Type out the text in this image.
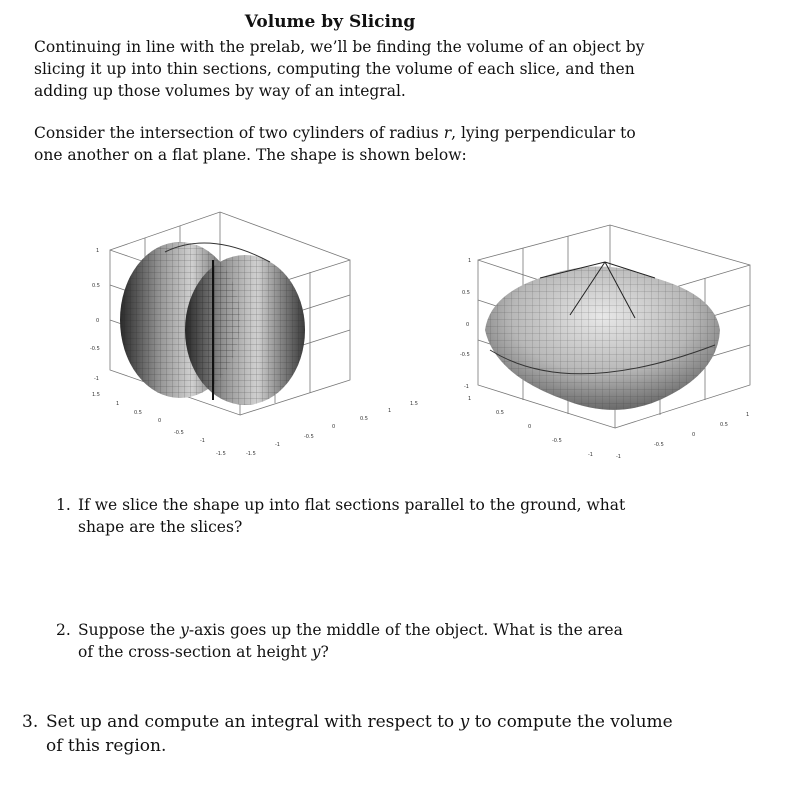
Volume by Slicing
Continuing in line with the prelab, we’ll be finding the volume of an object by slicing it up into thin sections, computing the volume of each slice, and then adding up those volumes by way of an integral.
Consider the intersection of two cylinders of radius r, lying perpendicular to one another on a flat plane. The shape is shown below:
1
0.5
0
-0.5
-1
1.5
1
0.5
0
-0.5
-1
-1.5	-1.5
-1
-0.5
0
0.5
1
1.5
1
0.5
0
-0.5
-1
1
0.5
0
-0.5
-1	-1
-0.5
0
0.5
1
1. If we slice the shape up into flat sections parallel to the ground, what shape are the slices?
2. Suppose the y-axis goes up the middle of the object. What is the area of the cross-section at height y?
3. Set up and compute an integral with respect to y to compute the volume of this region.
